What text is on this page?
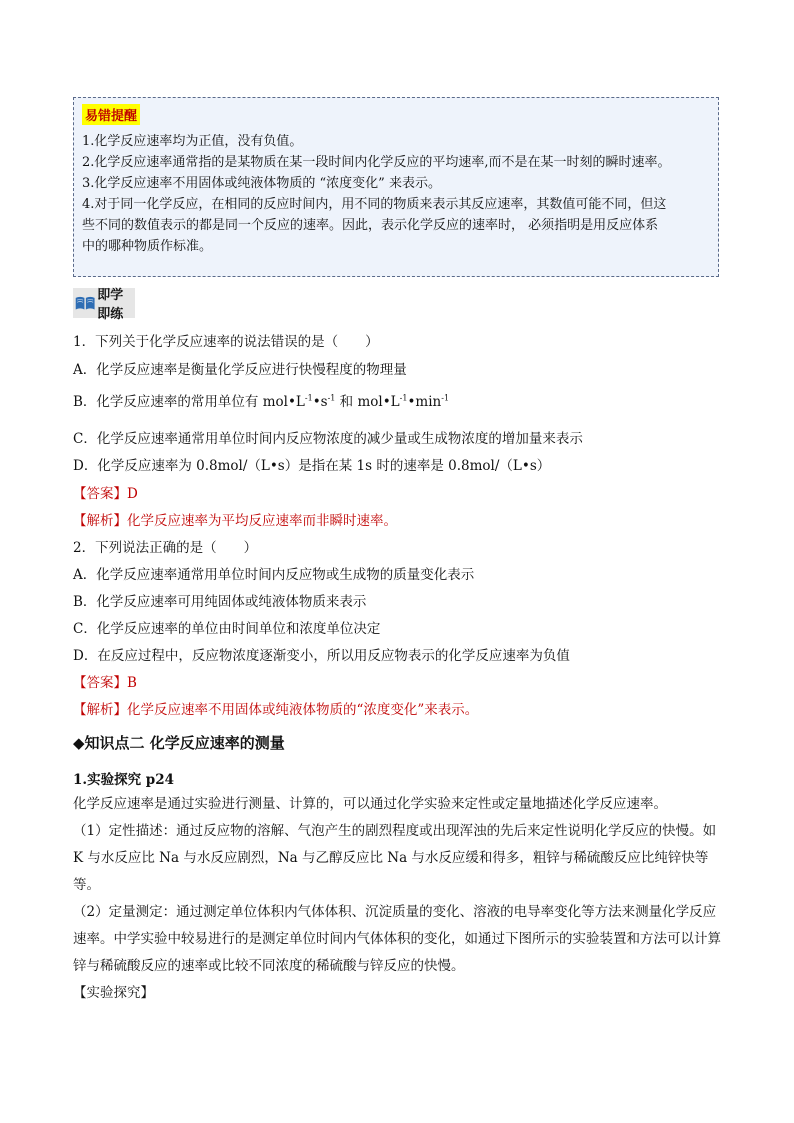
易错提醒
1.化学反应速率均为正值，没有负值。
2.化学反应速率通常指的是某物质在某一段时间内化学反应的平均速率,而不是在某一时刻的瞬时速率。
3.化学反应速率不用固体或纯液体物质的 “浓度变化” 来表示。
4.对于同一化学反应，在相同的反应时间内，用不同的物质来表示其反应速率，其数值可能不同，但这
些不同的数值表示的都是同一个反应的速率。因此，表示化学反应的速率时， 必须指明是用反应体系
中的哪种物质作标准。
即学即练
1．下列关于化学反应速率的说法错误的是（　　）
A．化学反应速率是衡量化学反应进行快慢程度的物理量
B．化学反应速率的常用单位有 $mol•L^{-1}•s^{-1}$ 和 $mol•L^{-1}•\min^{-1}$
C．化学反应速率通常用单位时间内反应物浓度的减少量或生成物浓度的增加量来表示
D．化学反应速率为 0.8mol/（L•s）是指在某 1s 时的速率是 0.8mol/（L•s）
【答案】D
【解析】化学反应速率为平均反应速率而非瞬时速率。
2．下列说法正确的是（　　）
A．化学反应速率通常用单位时间内反应物或生成物的质量变化表示
B．化学反应速率可用纯固体或纯液体物质来表示
C．化学反应速率的单位由时间单位和浓度单位决定
D．在反应过程中，反应物浓度逐渐变小，所以用反应物表示的化学反应速率为负值
【答案】B
【解析】化学反应速率不用固体或纯液体物质的“浓度变化”来表示。
◆知识点二 化学反应速率的测量
1.实验探究 p24
化学反应速率是通过实验进行测量、计算的，可以通过化学实验来定性或定量地描述化学反应速率。
（1）定性描述：通过反应物的溶解、气泡产生的剧烈程度或出现浑浊的先后来定性说明化学反应的快慢。如 K 与水反应比 Na 与水反应剧烈，Na 与乙醇反应比 Na 与水反应缓和得多，粗锌与稀硫酸反应比纯锌快等等。
（2）定量测定：通过测定单位体积内气体体积、沉淀质量的变化、溶液的电导率变化等方法来测量化学反应速率。中学实验中较易进行的是测定单位时间内气体体积的变化，如通过下图所示的实验装置和方法可以计算锌与稀硫酸反应的速率或比较不同浓度的稀硫酸与锌反应的快慢。
【实验探究】
